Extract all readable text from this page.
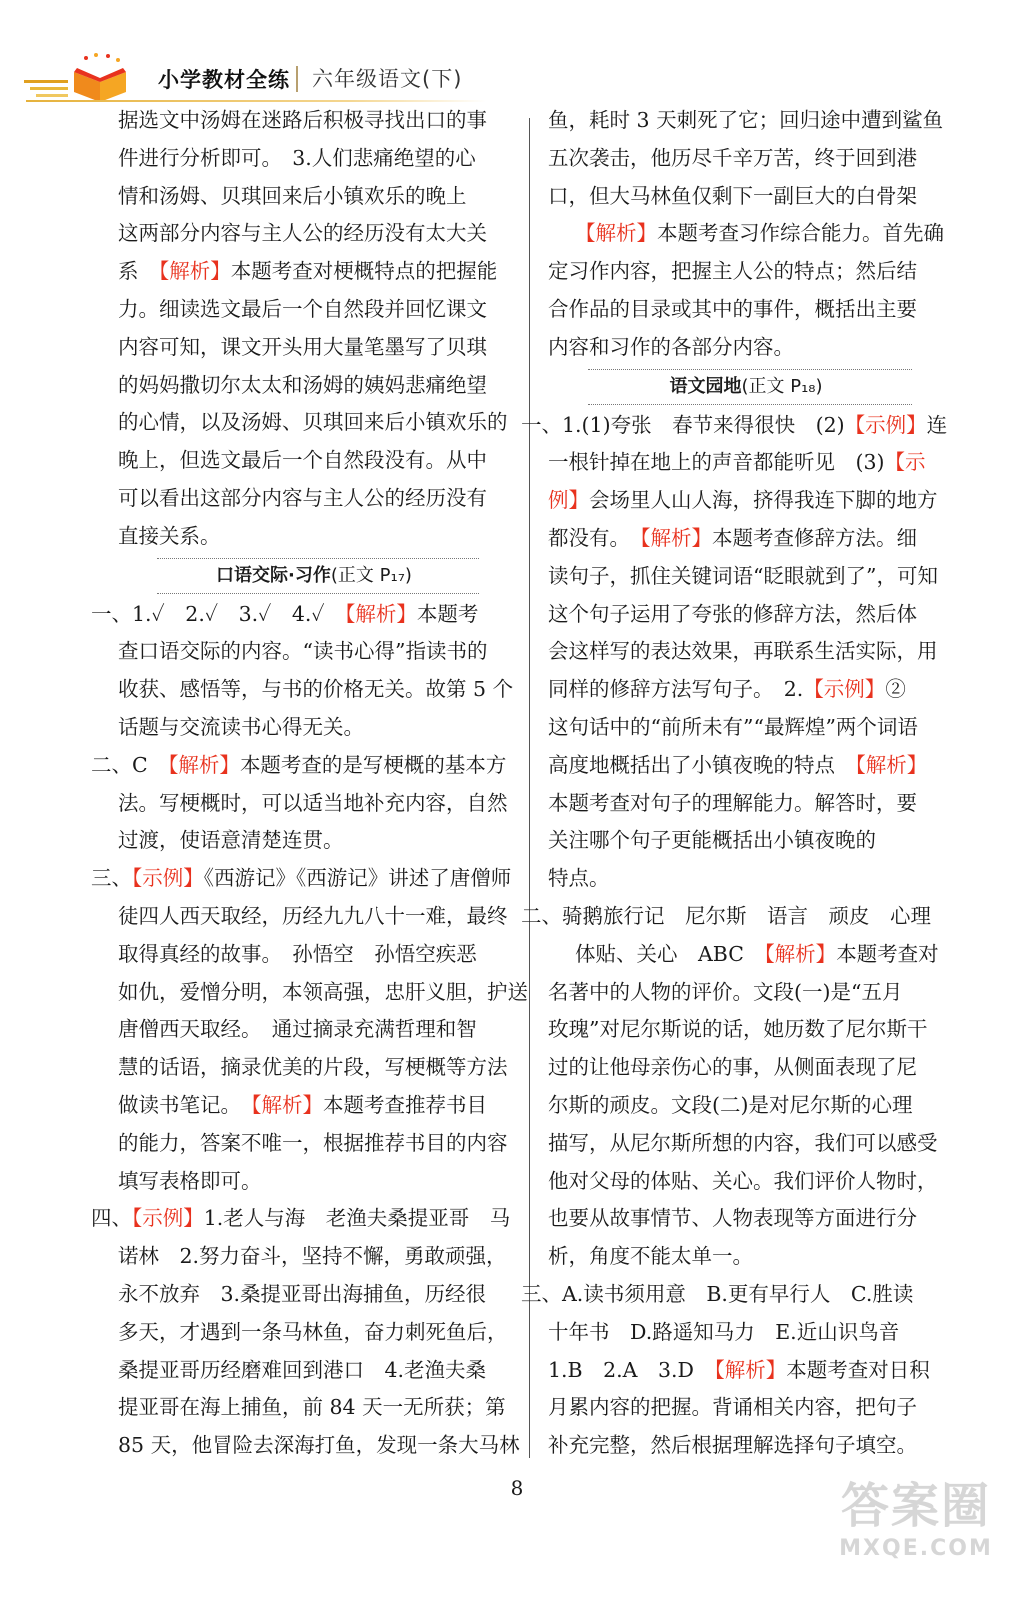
小学教材全练 六年级语文(下)
据选文中汤姆在迷路后积极寻找出口的事
件进行分析即可。　3.人们悲痛绝望的心
情和汤姆、贝琪回来后小镇欢乐的晚上
这两部分内容与主人公的经历没有太大关
系　【解析】本题考查对梗概特点的把握能
力。细读选文最后一个自然段并回忆课文
内容可知，课文开头用大量笔墨写了贝琪
的妈妈撒切尔太太和汤姆的姨妈悲痛绝望
的心情，以及汤姆、贝琪回来后小镇欢乐的
晚上，但选文最后一个自然段没有。从中
可以看出这部分内容与主人公的经历没有
直接关系。
口语交际·习作(正文 P₁₇)
一、1.✓　2.✓　3.✓　4.✓　【解析】本题考
查口语交际的内容。“读书心得”指读书的
收获、感悟等，与书的价格无关。故第 5 个
话题与交流读书心得无关。
二、C　【解析】本题考查的是写梗概的基本方
法。写梗概时，可以适当地补充内容，自然
过渡，使语意清楚连贯。
三、【示例】《西游记》《西游记》讲述了唐僧师
徒四人西天取经，历经九九八十一难，最终
取得真经的故事。　孙悟空　孙悟空疾恶
如仇，爱憎分明，本领高强，忠肝义胆，护送
唐僧西天取经。　通过摘录充满哲理和智
慧的话语，摘录优美的片段，写梗概等方法
做读书笔记。　【解析】本题考查推荐书目
的能力，答案不唯一，根据推荐书目的内容
填写表格即可。
四、【示例】1.老人与海　老渔夫桑提亚哥　马
诺林　2.努力奋斗，坚持不懈，勇敢顽强，
永不放弃　3.桑提亚哥出海捕鱼，历经很
多天，才遇到一条马林鱼，奋力刺死鱼后，
桑提亚哥历经磨难回到港口　4.老渔夫桑
提亚哥在海上捕鱼，前 84 天一无所获；第
85 天，他冒险去深海打鱼，发现一条大马林
鱼，耗时 3 天刺死了它；回归途中遭到鲨鱼
五次袭击，他历尽千辛万苦，终于回到港
口，但大马林鱼仅剩下一副巨大的白骨架
【解析】本题考查习作综合能力。首先确
定习作内容，把握主人公的特点；然后结
合作品的目录或其中的事件，概括出主要
内容和习作的各部分内容。
语文园地(正文 P₁₈)
一、1.(1)夸张　春节来得很快　(2)【示例】连
一根针掉在地上的声音都能听见　(3)【示
例】会场里人山人海，挤得我连下脚的地方
都没有。　【解析】本题考查修辞方法。细
读句子，抓住关键词语“眨眼就到了”，可知
这个句子运用了夸张的修辞方法，然后体
会这样写的表达效果，再联系生活实际，用
同样的修辞方法写句子。　2.【示例】②
这句话中的“前所未有”“最辉煌”两个词语
高度地概括出了小镇夜晚的特点　【解析】
本题考查对句子的理解能力。解答时，要
关注哪个句子更能概括出小镇夜晚的
特点。
二、骑鹅旅行记　尼尔斯　语言　顽皮　心理
体贴、关心　ABC　【解析】本题考查对
名著中的人物的评价。文段(一)是“五月
玫瑰”对尼尔斯说的话，她历数了尼尔斯干
过的让他母亲伤心的事，从侧面表现了尼
尔斯的顽皮。文段(二)是对尼尔斯的心理
描写，从尼尔斯所想的内容，我们可以感受
他对父母的体贴、关心。我们评价人物时，
也要从故事情节、人物表现等方面进行分
析，角度不能太单一。
三、A.读书须用意　B.更有早行人　C.胜读
十年书　D.路遥知马力　E.近山识鸟音
1.B　2.A　3.D　【解析】本题考查对日积
月累内容的把握。背诵相关内容，把句子
补充完整，然后根据理解选择句子填空。
8	答案圈
MXQE.COM
